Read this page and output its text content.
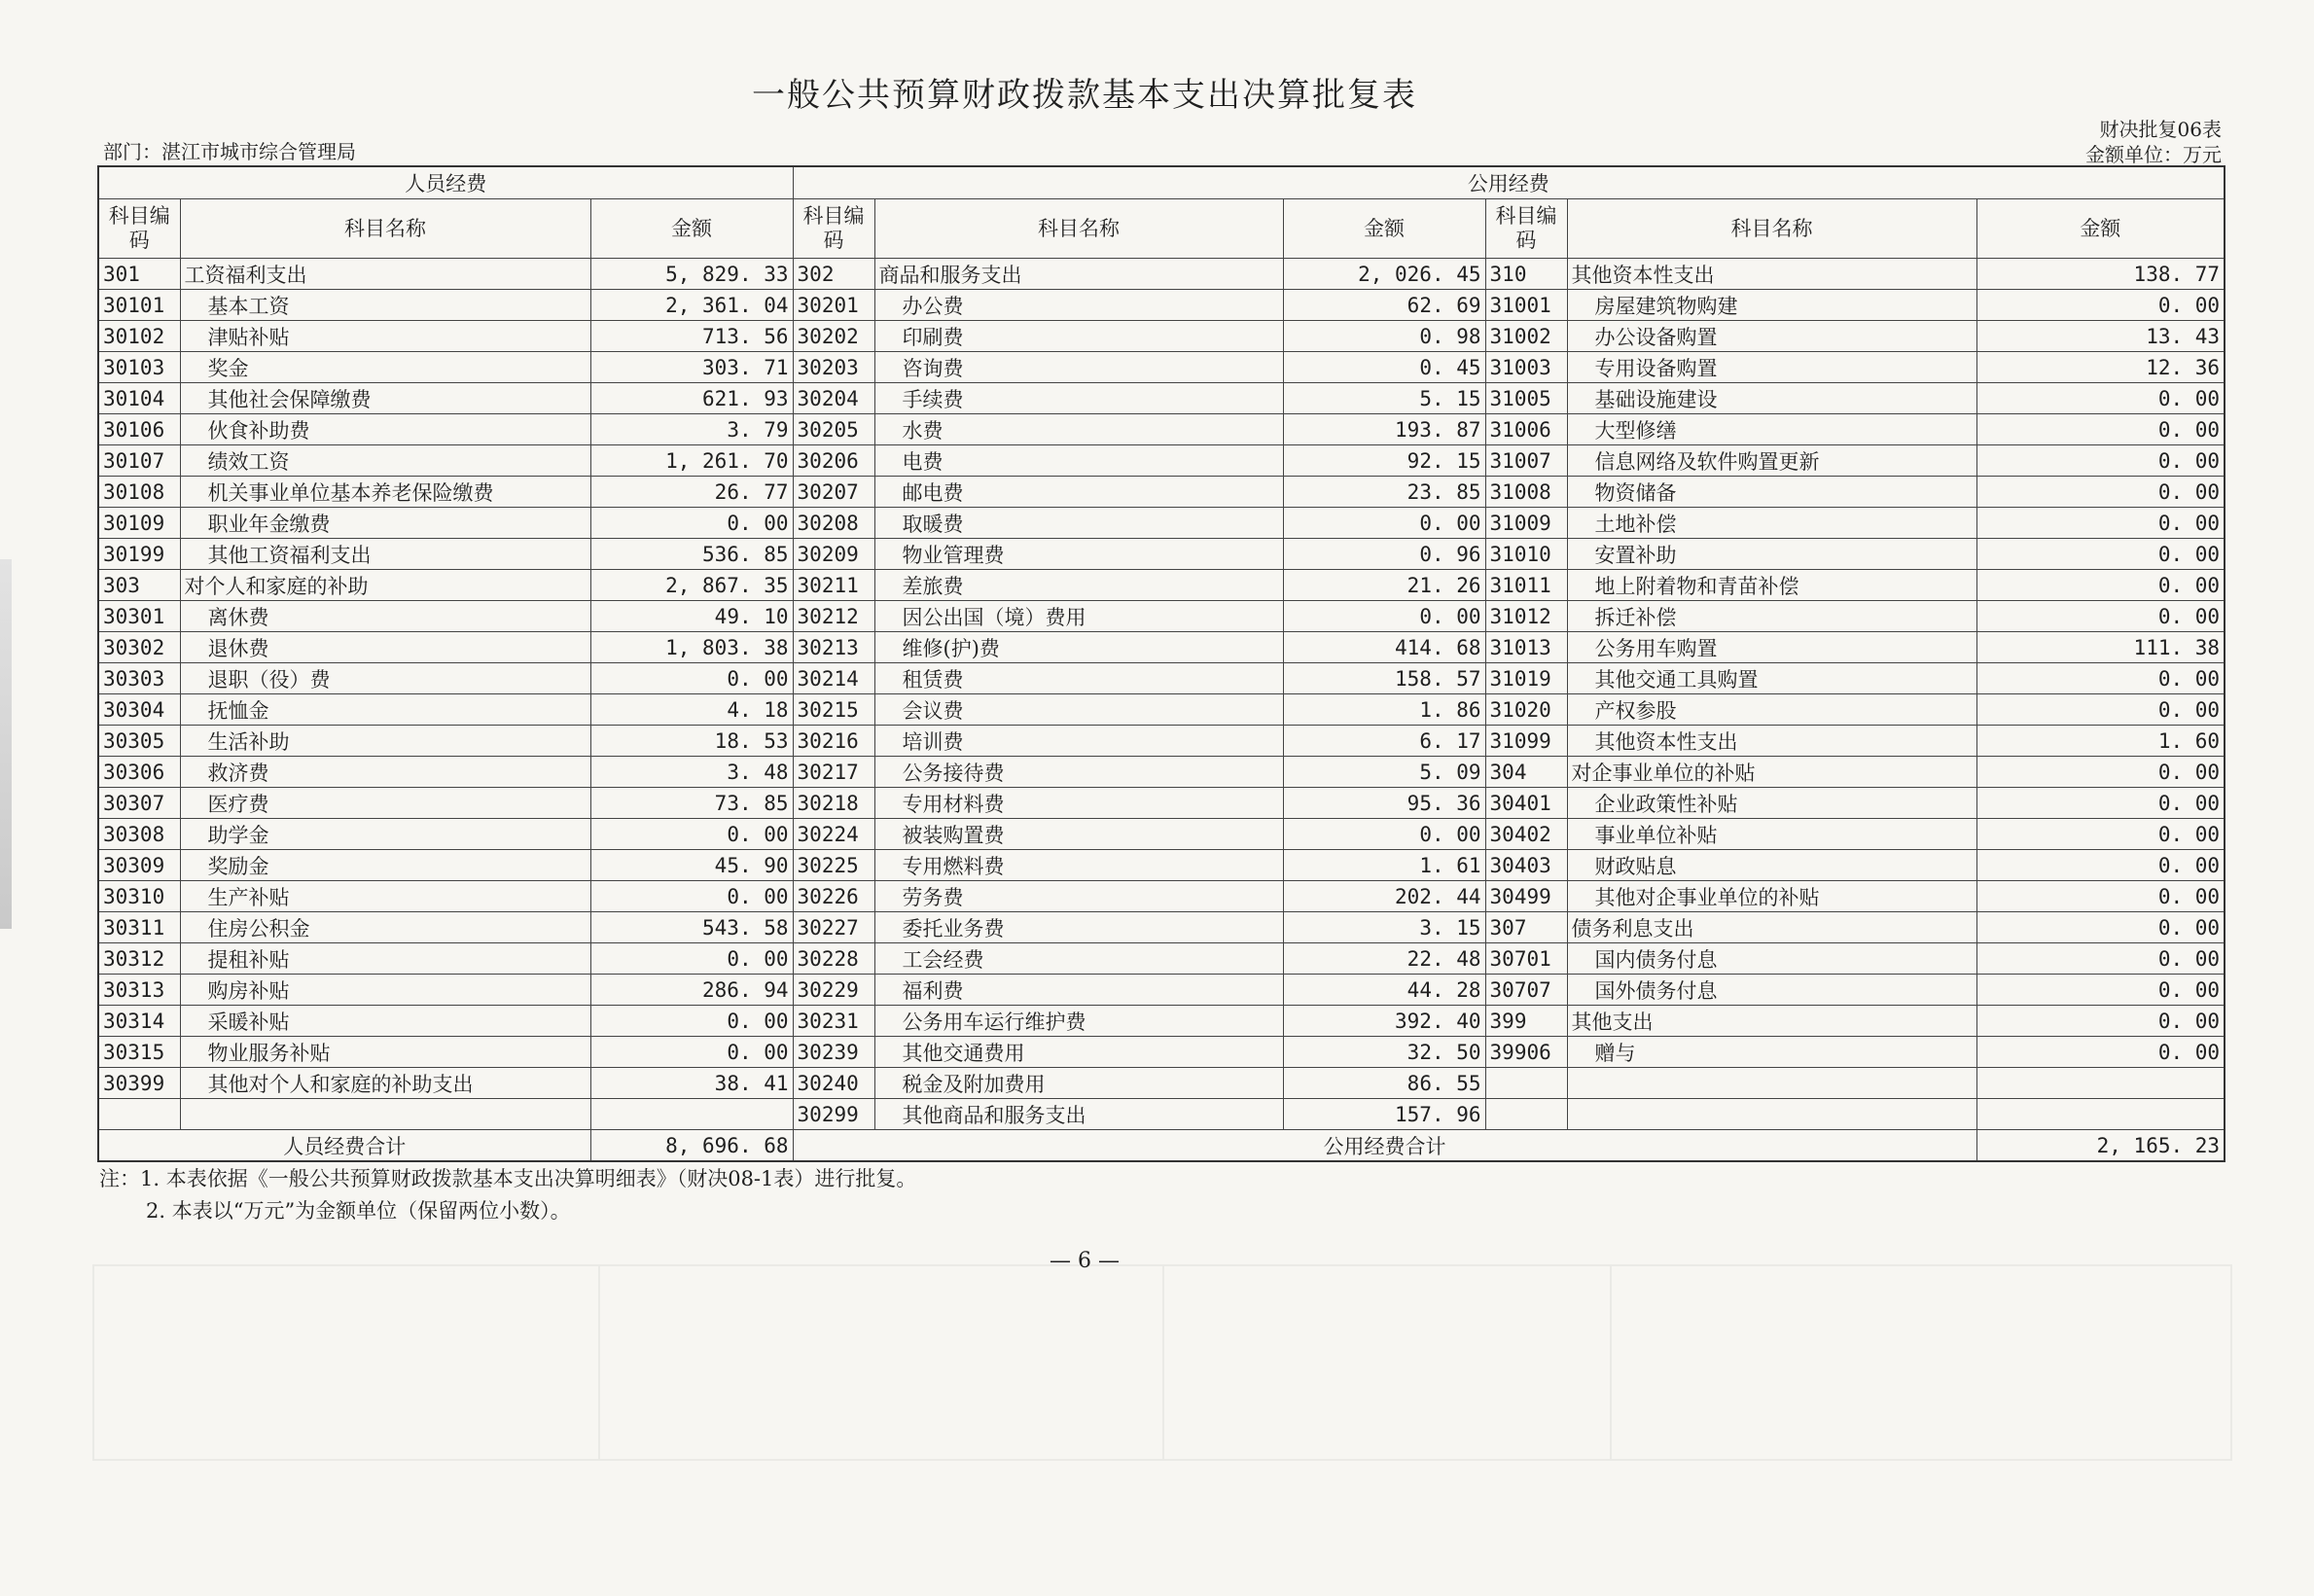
一般公共预算财政拨款基本支出决算批复表
财决批复06表
金额单位：万元
部门：湛江市城市综合管理局
人员经费			公用经费					
科目编码	科目名称	金额	科目编码	科目名称	金额	科目编码	科目名称	金额
301	工资福利支出	5, 829. 33	302	商品和服务支出	2, 026. 45	310	其他资本性支出	138. 77
30101	基本工资	2, 361. 04	30201	办公费	62. 69	31001	房屋建筑物购建	0. 00
30102	津贴补贴	713. 56	30202	印刷费	0. 98	31002	办公设备购置	13. 43
30103	奖金	303. 71	30203	咨询费	0. 45	31003	专用设备购置	12. 36
30104	其他社会保障缴费	621. 93	30204	手续费	5. 15	31005	基础设施建设	0. 00
30106	伙食补助费	3. 79	30205	水费	193. 87	31006	大型修缮	0. 00
30107	绩效工资	1, 261. 70	30206	电费	92. 15	31007	信息网络及软件购置更新	0. 00
30108	机关事业单位基本养老保险缴费	26. 77	30207	邮电费	23. 85	31008	物资储备	0. 00
30109	职业年金缴费	0. 00	30208	取暖费	0. 00	31009	土地补偿	0. 00
30199	其他工资福利支出	536. 85	30209	物业管理费	0. 96	31010	安置补助	0. 00
303	对个人和家庭的补助	2, 867. 35	30211	差旅费	21. 26	31011	地上附着物和青苗补偿	0. 00
30301	离休费	49. 10	30212	因公出国（境）费用	0. 00	31012	拆迁补偿	0. 00
30302	退休费	1, 803. 38	30213	维修(护)费	414. 68	31013	公务用车购置	111. 38
30303	退职（役）费	0. 00	30214	租赁费	158. 57	31019	其他交通工具购置	0. 00
30304	抚恤金	4. 18	30215	会议费	1. 86	31020	产权参股	0. 00
30305	生活补助	18. 53	30216	培训费	6. 17	31099	其他资本性支出	1. 60
30306	救济费	3. 48	30217	公务接待费	5. 09	304	对企事业单位的补贴	0. 00
30307	医疗费	73. 85	30218	专用材料费	95. 36	30401	企业政策性补贴	0. 00
30308	助学金	0. 00	30224	被装购置费	0. 00	30402	事业单位补贴	0. 00
30309	奖励金	45. 90	30225	专用燃料费	1. 61	30403	财政贴息	0. 00
30310	生产补贴	0. 00	30226	劳务费	202. 44	30499	其他对企事业单位的补贴	0. 00
30311	住房公积金	543. 58	30227	委托业务费	3. 15	307	债务利息支出	0. 00
30312	提租补贴	0. 00	30228	工会经费	22. 48	30701	国内债务付息	0. 00
30313	购房补贴	286. 94	30229	福利费	44. 28	30707	国外债务付息	0. 00
30314	采暖补贴	0. 00	30231	公务用车运行维护费	392. 40	399	其他支出	0. 00
30315	物业服务补贴	0. 00	30239	其他交通费用	32. 50	39906	赠与	0. 00
30399	其他对个人和家庭的补助支出	38. 41	30240	税金及附加费用	86. 55			
			30299	其他商品和服务支出	157. 96			
人员经费合计		8, 696. 68	公用经费合计					2, 165. 23
注：1. 本表依据《一般公共预算财政拨款基本支出决算明细表》（财决08-1表）进行批复。
2. 本表以“万元”为金额单位（保留两位小数）。
— 6 —
